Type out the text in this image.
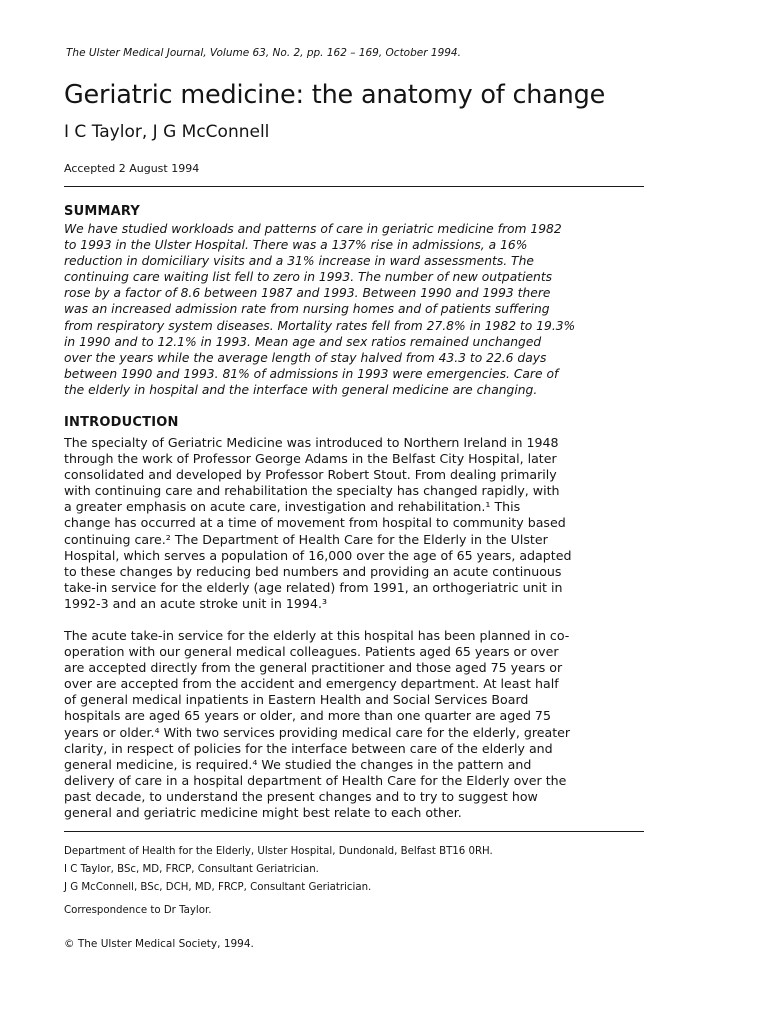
The Ulster Medical Journal, Volume 63, No. 2, pp. 162 – 169, October 1994.
Geriatric medicine: the anatomy of change
I C Taylor, J G McConnell
Accepted 2 August 1994
SUMMARY
We have studied workloads and patterns of care in geriatric medicine from 1982
to 1993 in the Ulster Hospital. There was a 137% rise in admissions, a 16%
reduction in domiciliary visits and a 31% increase in ward assessments. The
continuing care waiting list fell to zero in 1993. The number of new outpatients
rose by a factor of 8.6 between 1987 and 1993. Between 1990 and 1993 there
was an increased admission rate from nursing homes and of patients suffering
from respiratory system diseases. Mortality rates fell from 27.8% in 1982 to 19.3%
in 1990 and to 12.1% in 1993. Mean age and sex ratios remained unchanged
over the years while the average length of stay halved from 43.3 to 22.6 days
between 1990 and 1993. 81% of admissions in 1993 were emergencies. Care of
the elderly in hospital and the interface with general medicine are changing.
INTRODUCTION
The specialty of Geriatric Medicine was introduced to Northern Ireland in 1948
through the work of Professor George Adams in the Belfast City Hospital, later
consolidated and developed by Professor Robert Stout. From dealing primarily
with continuing care and rehabilitation the specialty has changed rapidly, with
a greater emphasis on acute care, investigation and rehabilitation.¹ This
change has occurred at a time of movement from hospital to community based
continuing care.² The Department of Health Care for the Elderly in the Ulster
Hospital, which serves a population of 16,000 over the age of 65 years, adapted
to these changes by reducing bed numbers and providing an acute continuous
take-in service for the elderly (age related) from 1991, an orthogeriatric unit in
1992-3 and an acute stroke unit in 1994.³
The acute take-in service for the elderly at this hospital has been planned in co-
operation with our general medical colleagues. Patients aged 65 years or over
are accepted directly from the general practitioner and those aged 75 years or
over are accepted from the accident and emergency department. At least half
of general medical inpatients in Eastern Health and Social Services Board
hospitals are aged 65 years or older, and more than one quarter are aged 75
years or older.⁴ With two services providing medical care for the elderly, greater
clarity, in respect of policies for the interface between care of the elderly and
general medicine, is required.⁴ We studied the changes in the pattern and
delivery of care in a hospital department of Health Care for the Elderly over the
past decade, to understand the present changes and to try to suggest how
general and geriatric medicine might best relate to each other.
Department of Health for the Elderly, Ulster Hospital, Dundonald, Belfast BT16 0RH.
I C Taylor, BSc, MD, FRCP, Consultant Geriatrician.
J G McConnell, BSc, DCH, MD, FRCP, Consultant Geriatrician.
Correspondence to Dr Taylor.
© The Ulster Medical Society, 1994.
